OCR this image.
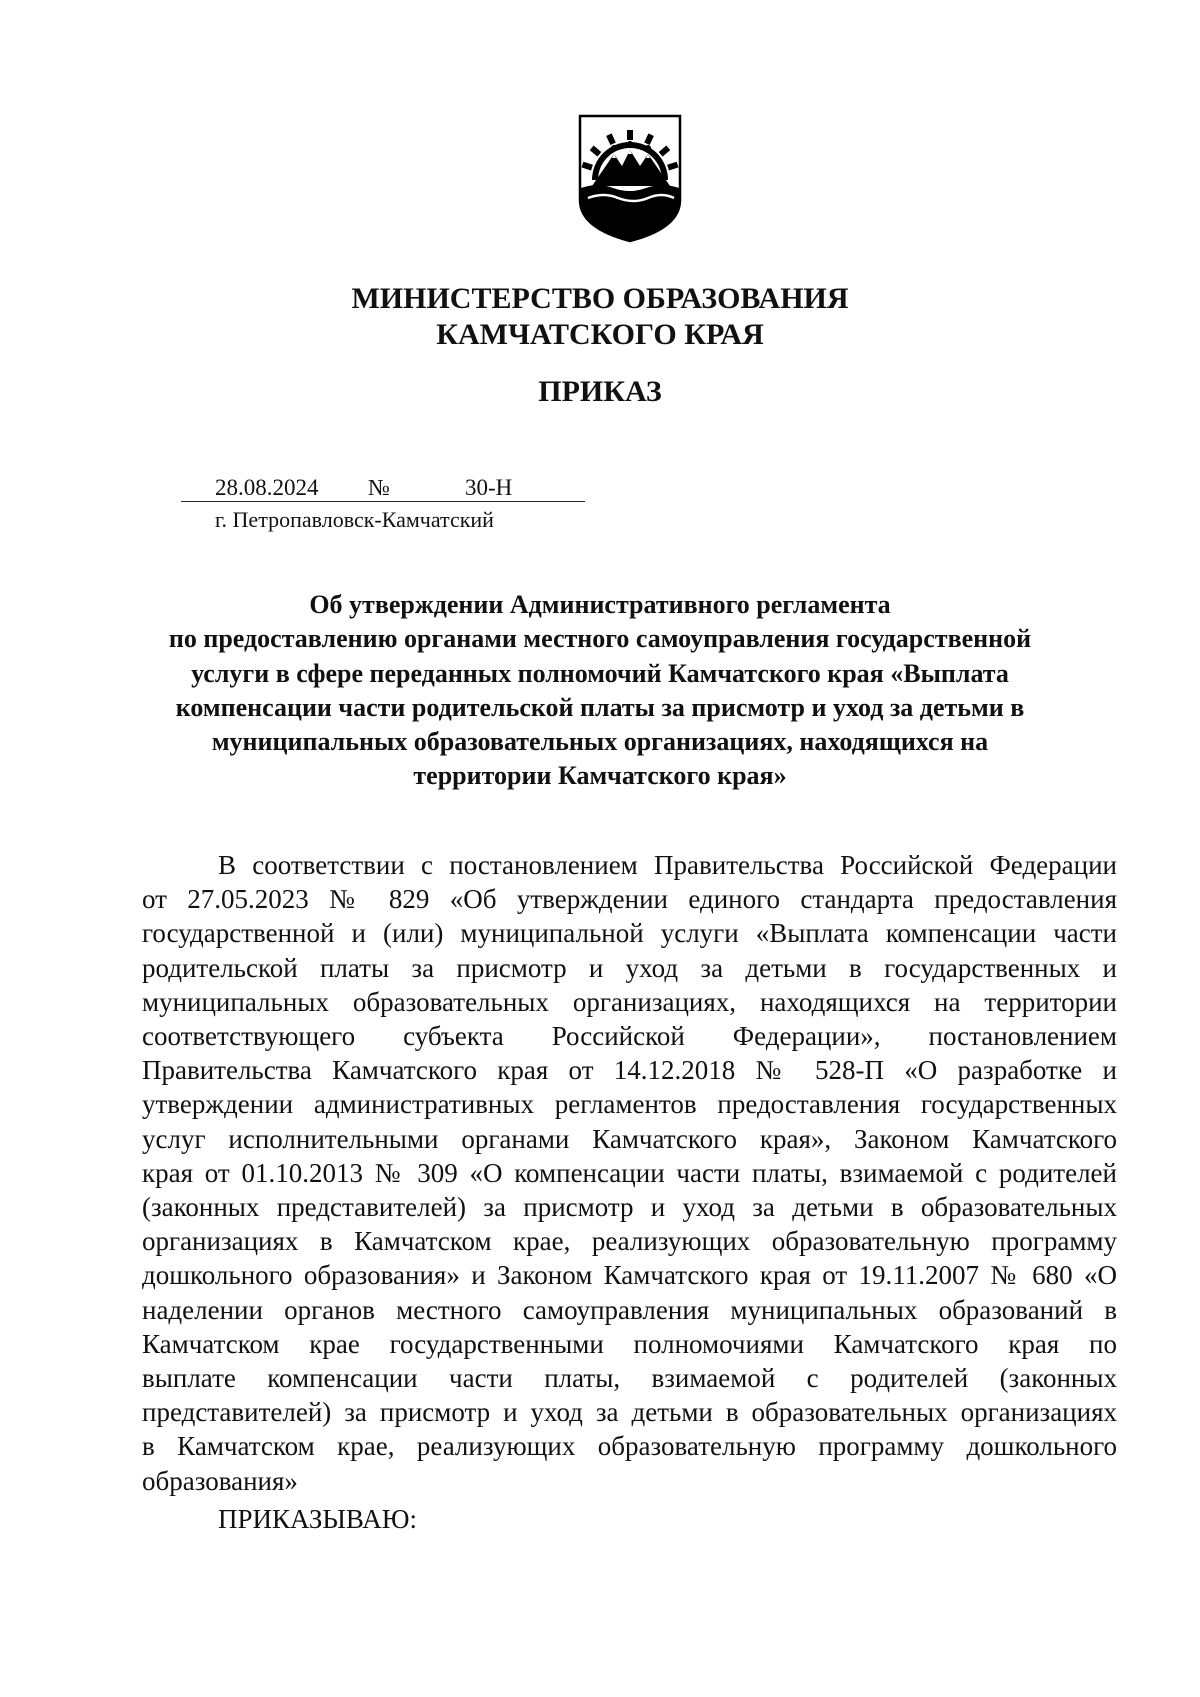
МИНИСТЕРСТВО ОБРАЗОВАНИЯ
КАМЧАТСКОГО КРАЯ
ПРИКАЗ
28.08.2024 №	30-Н
г. Петропавловск-Камчатский
Об утверждении Административного регламента
по предоставлению органами местного самоуправления государственной
услуги в сфере переданных полномочий Камчатского края «Выплата
компенсации части родительской платы за присмотр и уход за детьми в
муниципальных образовательных организациях, находящихся на
территории Камчатского края»
В соответствии с постановлением Правительства Российской Федерации
от 27.05.2023 № 829 «Об утверждении единого стандарта предоставления
государственной и (или) муниципальной услуги «Выплата компенсации части
родительской платы за присмотр и уход за детьми в государственных и
муниципальных образовательных организациях, находящихся на территории
соответствующего субъекта Российской Федерации», постановлением
Правительства Камчатского края от 14.12.2018 № 528-П «О разработке и
утверждении административных регламентов предоставления государственных
услуг исполнительными органами Камчатского края», Законом Камчатского
края от 01.10.2013 № 309 «О компенсации части платы, взимаемой с родителей
(законных представителей) за присмотр и уход за детьми в образовательных
организациях в Камчатском крае, реализующих образовательную программу
дошкольного образования» и Законом Камчатского края от 19.11.2007 № 680 «О
наделении органов местного самоуправления муниципальных образований в
Камчатском крае государственными полномочиями Камчатского края по
выплате компенсации части платы, взимаемой с родителей (законных
представителей) за присмотр и уход за детьми в образовательных организациях
в Камчатском крае, реализующих образовательную программу дошкольного
образования»
ПРИКАЗЫВАЮ:
